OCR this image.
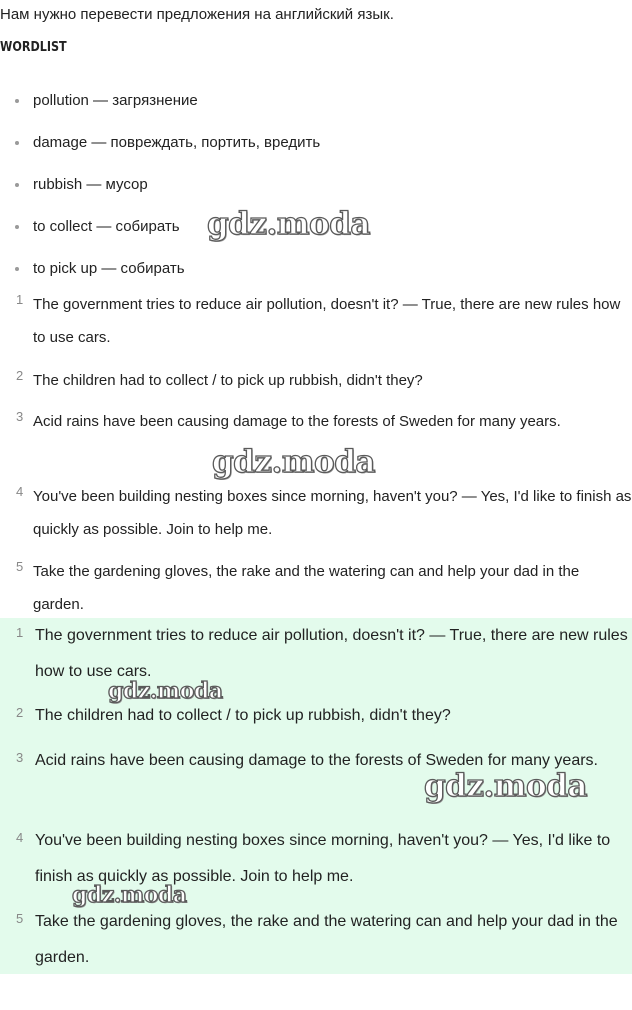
Нам нужно перевести предложения на английский язык.
WORDLIST
pollution — загрязнение
damage — повреждать, портить, вредить
rubbish — мусор
to collect — собирать
to pick up — собирать
1 The government tries to reduce air pollution, doesn't it? — True, there are new rules how to use cars.
2 The children had to collect / to pick up rubbish, didn't they?
3 Acid rains have been causing damage to the forests of Sweden for many years.
4 You've been building nesting boxes since morning, haven't you? — Yes, I'd like to finish as quickly as possible. Join to help me.
5 Take the gardening gloves, the rake and the watering can and help your dad in the garden.
1 The government tries to reduce air pollution, doesn't it? — True, there are new rules how to use cars.
2 The children had to collect / to pick up rubbish, didn't they?
3 Acid rains have been causing damage to the forests of Sweden for many years.
4 You've been building nesting boxes since morning, haven't you? — Yes, I'd like to finish as quickly as possible. Join to help me.
5 Take the gardening gloves, the rake and the watering can and help your dad in the garden.
gdz.moda
gdz.moda
gdz.moda
gdz.moda
gdz.moda
